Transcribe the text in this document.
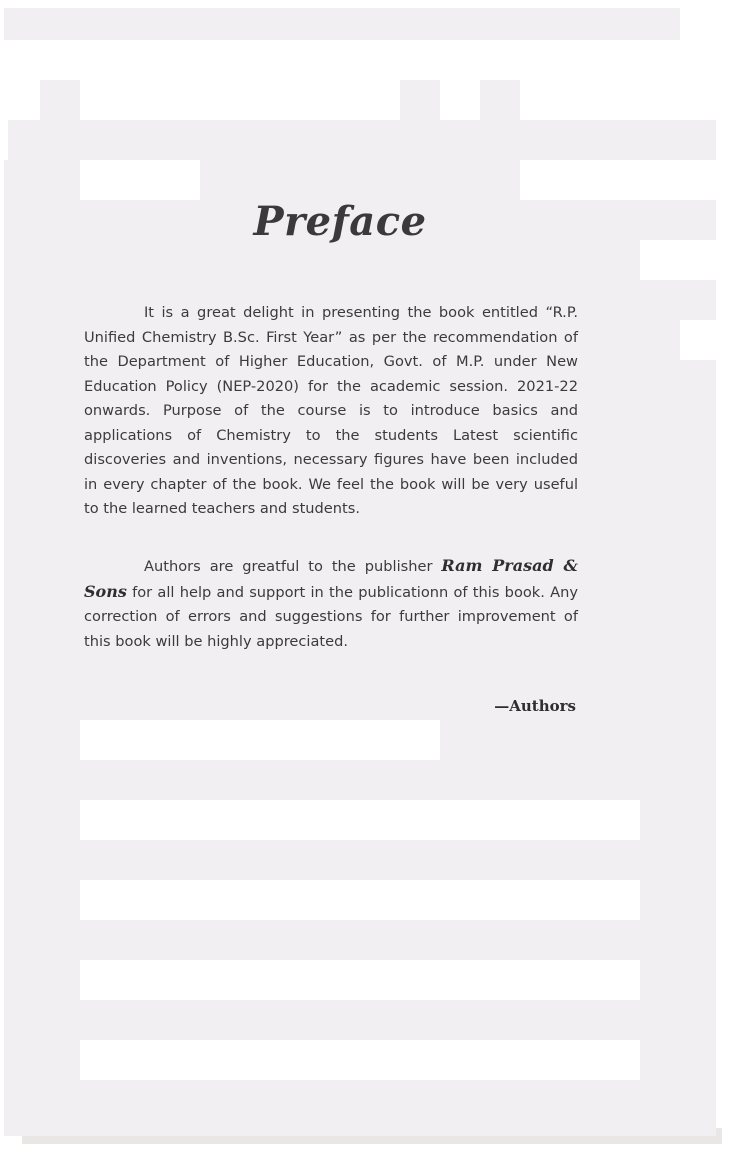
Preface

It is a great delight in presenting the book entitled “R.P. Unified Chemistry B.Sc. First Year” as per the recommendation of the Department of Higher Education, Govt. of M.P. under New Education Policy (NEP-2020) for the academic session. 2021-22 onwards. Purpose of the course is to introduce basics and applications of Chemistry to the students Latest scientific discoveries and inventions, necessary figures have been included in every chapter of the book. We feel the book will be very useful to the learned teachers and students.

Authors are greatful to the publisher Ram Prasad & Sons for all help and support in the publicationn of this book. Any correction of errors and suggestions for further improvement of this book will be highly appreciated.

—Authors
